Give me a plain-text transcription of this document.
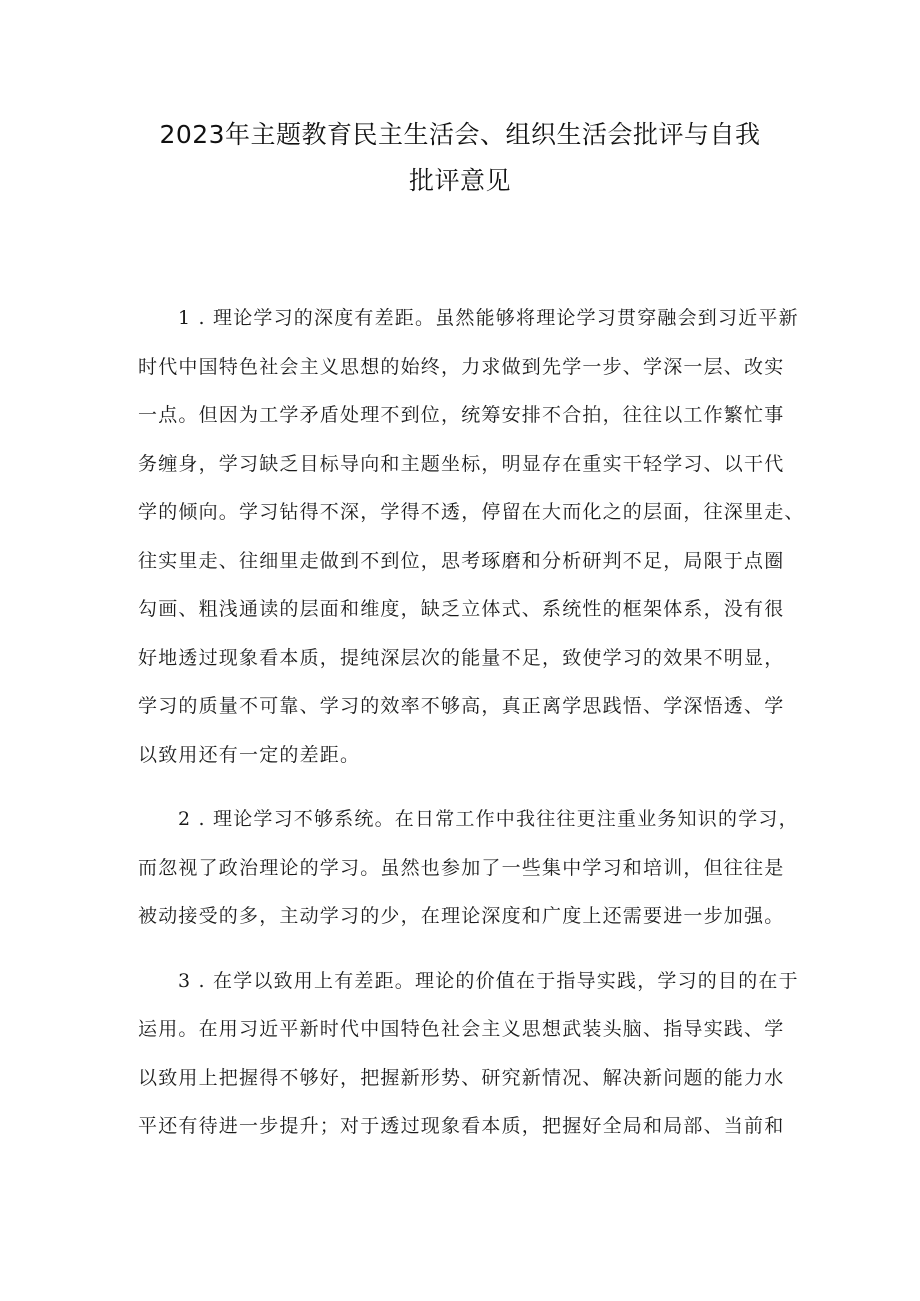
2023年主题教育民主生活会、组织生活会批评与自我
批评意见
1 . 理论学习的深度有差距。虽然能够将理论学习贯穿融会到习近平新
时代中国特色社会主义思想的始终，力求做到先学一步、学深一层、改实
一点。但因为工学矛盾处理不到位，统筹安排不合拍，往往以工作繁忙事
务缠身，学习缺乏目标导向和主题坐标，明显存在重实干轻学习、以干代
学的倾向。学习钻得不深，学得不透，停留在大而化之的层面，往深里走、
往实里走、往细里走做到不到位，思考琢磨和分析研判不足，局限于点圈
勾画、粗浅通读的层面和维度，缺乏立体式、系统性的框架体系，没有很
好地透过现象看本质，提纯深层次的能量不足，致使学习的效果不明显，
学习的质量不可靠、学习的效率不够高，真正离学思践悟、学深悟透、学
以致用还有一定的差距。
2 . 理论学习不够系统。在日常工作中我往往更注重业务知识的学习，
而忽视了政治理论的学习。虽然也参加了一些集中学习和培训，但往往是
被动接受的多，主动学习的少，在理论深度和广度上还需要进一步加强。
3 . 在学以致用上有差距。理论的价值在于指导实践，学习的目的在于
运用。在用习近平新时代中国特色社会主义思想武装头脑、指导实践、学
以致用上把握得不够好，把握新形势、研究新情况、解决新问题的能力水
平还有待进一步提升；对于透过现象看本质，把握好全局和局部、当前和
